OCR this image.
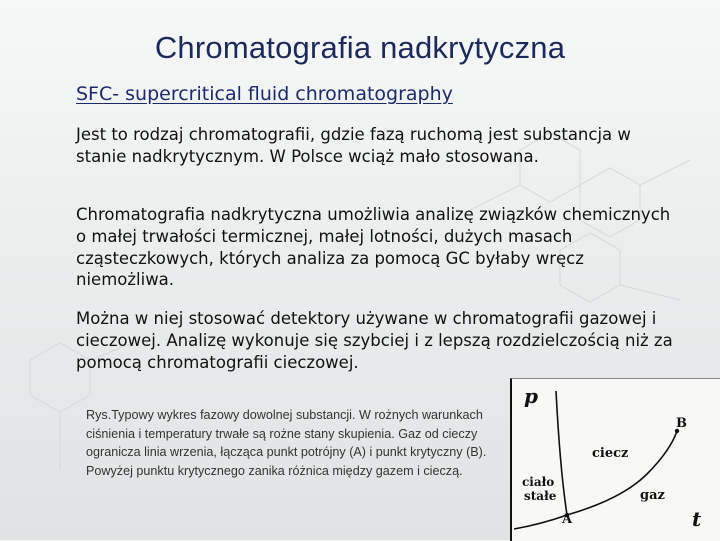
Chromatografia nadkrytyczna
SFC- supercritical fluid chromatography
Jest to rodzaj chromatografii, gdzie fazą ruchomą jest substancja w stanie nadkrytycznym. W Polsce wciąż mało stosowana.
Chromatografia nadkrytyczna umożliwia analizę związków chemicznych o małej trwałości termicznej, małej lotności, dużych masach cząsteczkowych, których analiza za pomocą GC byłaby wręcz niemożliwa.
Można w niej stosować detektory używane w chromatografii gazowej i cieczowej. Analizę wykonuje się szybciej i z lepszą rozdzielczością niż za pomocą chromatografii cieczowej.
Rys.Typowy wykres fazowy dowolnej substancji. W rożnych warunkach ciśnienia i temperatury trwałe są rożne stany skupienia. Gaz od cieczy ogranicza linia wrzenia, łącząca punkt potrójny (A) i punkt krytyczny (B). Powyżej punktu krytycznego zanika różnica między gazem i cieczą.
p
t
B
ciecz
ciało
stałe	gaz
A
